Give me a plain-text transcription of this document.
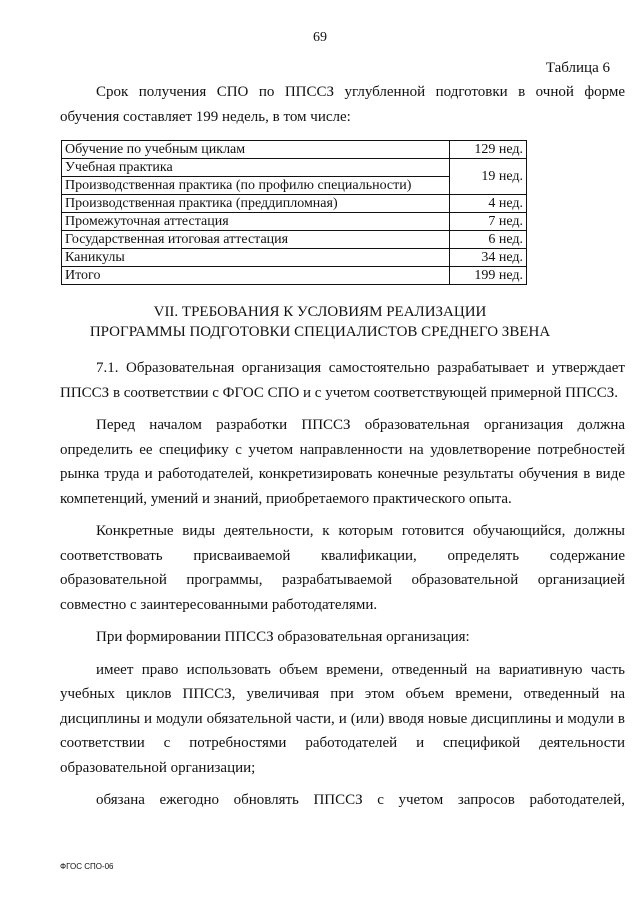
69
Таблица 6

Срок получения СПО по ППССЗ углубленной подготовки в очной форме обучения составляет 199 недель, в том числе:

Обучение по учебным циклам	129 нед.

Учебная практика
Производственная практика (по профилю специальности)	19 нед.
Производственная практика (преддипломная)	4 нед.
Промежуточная аттестация	7 нед.
Государственная итоговая аттестация	6 нед.
Каникулы	34 нед.
Итого	199 нед.
VII. ТРЕБОВАНИЯ К УСЛОВИЯМ РЕАЛИЗАЦИИ
ПРОГРАММЫ ПОДГОТОВКИ СПЕЦИАЛИСТОВ СРЕДНЕГО ЗВЕНА

7.1. Образовательная организация самостоятельно разрабатывает и утверждает ППССЗ в соответствии с ФГОС СПО и с учетом соответствующей примерной ППССЗ.

Перед началом разработки ППССЗ образовательная организация должна определить ее специфику с учетом направленности на удовлетворение потребностей рынка труда и работодателей, конкретизировать конечные результаты обучения в виде компетенций, умений и знаний, приобретаемого практического опыта.

Конкретные виды деятельности, к которым готовится обучающийся, должны соответствовать присваиваемой квалификации, определять содержание образовательной программы, разрабатываемой образовательной организацией совместно с заинтересованными работодателями.

При формировании ППССЗ образовательная организация:

имеет право использовать объем времени, отведенный на вариативную часть учебных циклов ППССЗ, увеличивая при этом объем времени, отведенный на дисциплины и модули обязательной части, и (или) вводя новые дисциплины и модули в соответствии с потребностями работодателей и спецификой деятельности образовательной организации;

обязана ежегодно обновлять ППССЗ с учетом запросов работодателей,

ФГОС СПО-06
